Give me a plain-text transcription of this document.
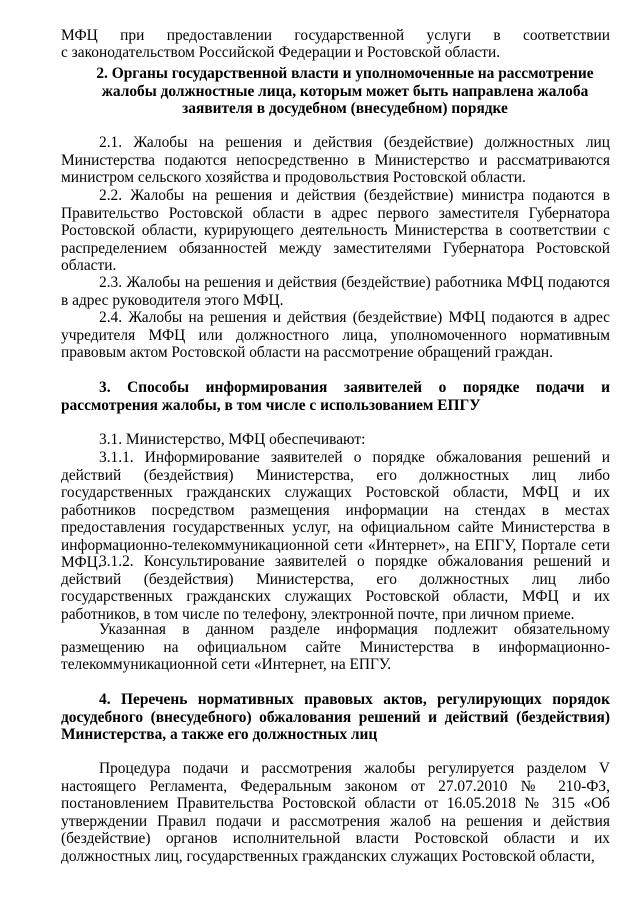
МФЦ при предоставлении государственной услуги в соответствии

с законодательством Российской Федерации и Ростовской области.

2. Органы государственной власти и уполномоченные на рассмотрение жалобы должностные лица, которым может быть направлена жалоба заявителя в досудебном (внесудебном) порядке

2.1. Жалобы на решения и действия (бездействие) должностных лиц Министерства подаются непосредственно в Министерство и рассматриваются министром сельского хозяйства и продовольствия Ростовской области.

2.2. Жалобы на решения и действия (бездействие) министра подаются в Правительство Ростовской области в адрес первого заместителя Губернатора Ростовской области, курирующего деятельность Министерства в соответствии с распределением обязанностей между заместителями Губернатора Ростовской области.

2.3. Жалобы на решения и действия (бездействие) работника МФЦ подаются в адрес руководителя этого МФЦ.

2.4. Жалобы на решения и действия (бездействие) МФЦ подаются в адрес учредителя МФЦ или должностного лица, уполномоченного нормативным правовым актом Ростовской области на рассмотрение обращений граждан.

3. Способы информирования заявителей о порядке подачи и рассмотрения жалобы, в том числе с использованием ЕПГУ

3.1. Министерство, МФЦ обеспечивают:

3.1.1. Информирование заявителей о порядке обжалования решений и действий (бездействия) Министерства, его должностных лиц либо государственных гражданских служащих Ростовской области, МФЦ и их работников посредством размещения информации на стендах в местах предоставления государственных услуг, на официальном сайте Министерства в информационно-телекоммуникационной сети «Интернет», на ЕПГУ, Портале сети МФЦ.

3.1.2. Консультирование заявителей о порядке обжалования решений и действий (бездействия) Министерства, его должностных лиц либо государственных гражданских служащих Ростовской области, МФЦ и их работников, в том числе по телефону, электронной почте, при личном приеме.

Указанная в данном разделе информация подлежит обязательному размещению на официальном сайте Министерства в информационно-телекоммуникационной сети «Интернет, на ЕПГУ.

4. Перечень нормативных правовых актов, регулирующих порядок досудебного (внесудебного) обжалования решений и действий (бездействия) Министерства, а также его должностных лиц

Процедура подачи и рассмотрения жалобы регулируется разделом V настоящего Регламента, Федеральным законом от 27.07.2010 № 210-ФЗ, постановлением Правительства Ростовской области от 16.05.2018 № 315 «Об утверждении Правил подачи и рассмотрения жалоб на решения и действия (бездействие) органов исполнительной власти Ростовской области и их должностных лиц, государственных гражданских служащих Ростовской области,
